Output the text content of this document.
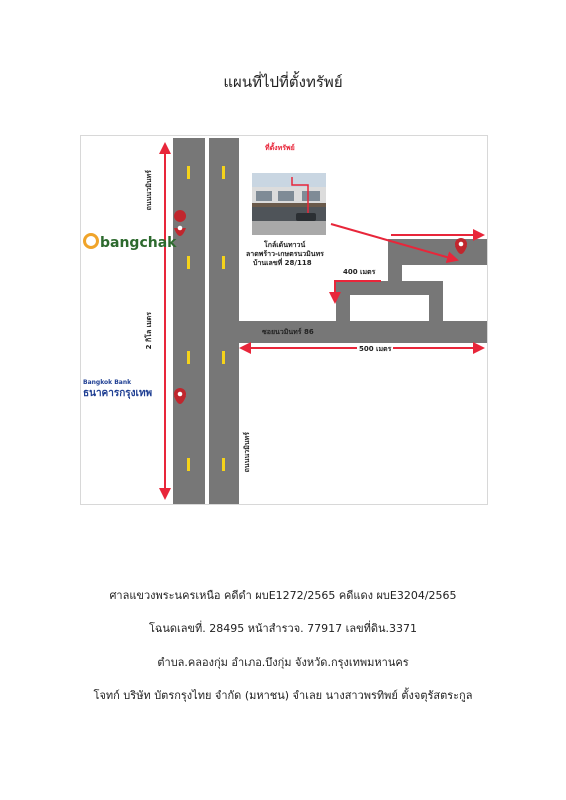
แผนที่ไปที่ตั้งทรัพย์
ที่ตั้งทรัพย์
โกล์เด้นทาวน์
ลาดพร้าว-เกษตรนวมินทร
บ้านเลขที่ 28/118
ถนนนวมินทร์
ถนนนวมินทร์
2 กิโล เมตร	ซอยนวมินทร์ 86
400 เมตร
500 เมตร
bangchak
Bangkok Bank
ธนาคารกรุงเทพ
ศาลแขวงพระนครเหนือ คดีดำ ผบE1272/2565 คดีแดง ผบE3204/2565
โฉนดเลขที่. 28495 หน้าสำรวจ. 77917 เลขที่ดิน.3371
ตำบล.คลองกุ่ม อำเภอ.บึงกุ่ม จังหวัด.กรุงเทพมหานคร
โจทก์ บริษัท บัตรกรุงไทย จำกัด (มหาชน) จำเลย นางสาวพรทิพย์ ตั้งจตุรัสตระกูล
